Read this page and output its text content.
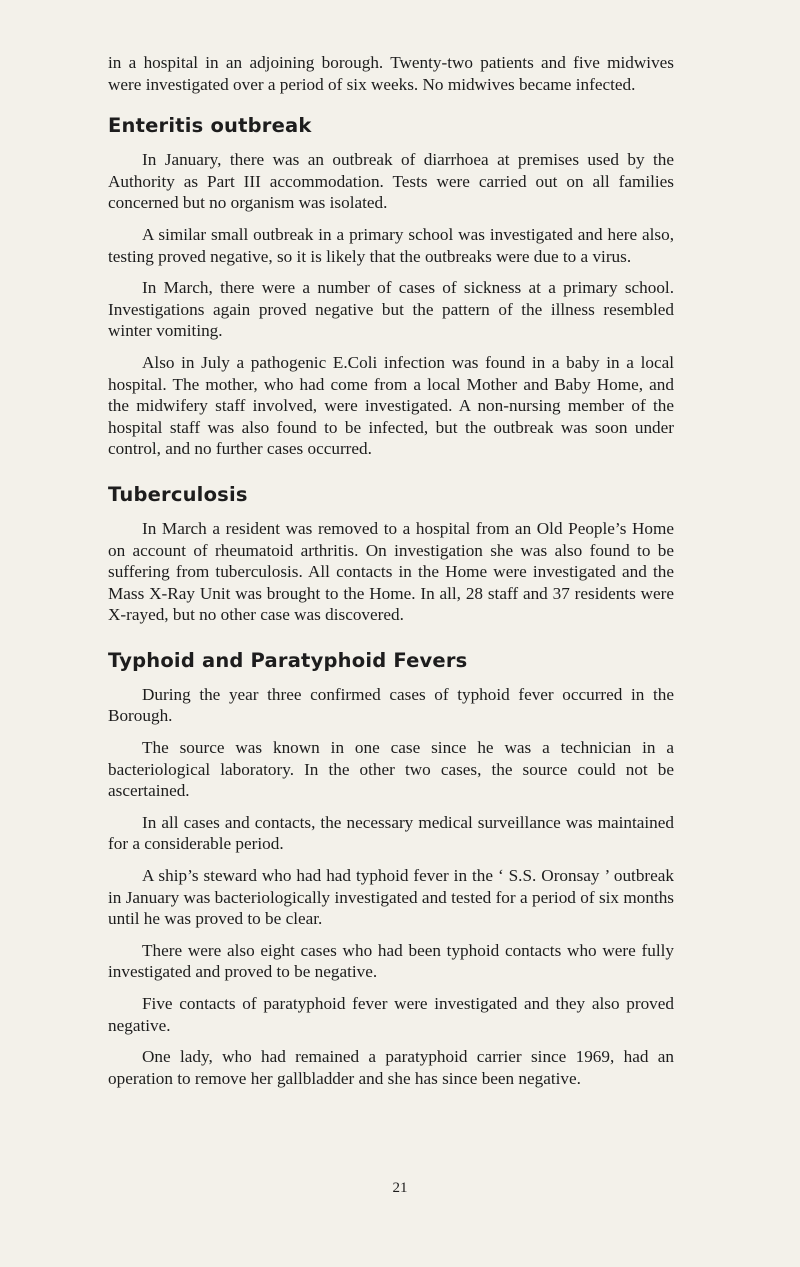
in a hospital in an adjoining borough. Twenty-two patients and five midwives were investigated over a period of six weeks. No midwives became infected.

Enteritis outbreak

In January, there was an outbreak of diarrhoea at premises used by the Authority as Part III accommodation. Tests were carried out on all families concerned but no organism was isolated.

A similar small outbreak in a primary school was investigated and here also, testing proved negative, so it is likely that the outbreaks were due to a virus.

In March, there were a number of cases of sickness at a primary school. Investigations again proved negative but the pattern of the illness resembled winter vomiting.

Also in July a pathogenic E.Coli infection was found in a baby in a local hospital. The mother, who had come from a local Mother and Baby Home, and the midwifery staff involved, were investigated. A non-nursing member of the hospital staff was also found to be infected, but the outbreak was soon under control, and no further cases occurred.

Tuberculosis

In March a resident was removed to a hospital from an Old People’s Home on account of rheumatoid arthritis. On investigation she was also found to be suffering from tuberculosis. All contacts in the Home were investigated and the Mass X-Ray Unit was brought to the Home. In all, 28 staff and 37 residents were X-rayed, but no other case was discovered.

Typhoid and Paratyphoid Fevers

During the year three confirmed cases of typhoid fever occurred in the Borough.

The source was known in one case since he was a technician in a bacteriological laboratory. In the other two cases, the source could not be ascertained.

In all cases and contacts, the necessary medical surveillance was maintained for a considerable period.

A ship’s steward who had had typhoid fever in the ‘ S.S. Oronsay ’ outbreak in January was bacteriologically investigated and tested for a period of six months until he was proved to be clear.

There were also eight cases who had been typhoid contacts who were fully investigated and proved to be negative.

Five contacts of paratyphoid fever were investigated and they also proved negative.

One lady, who had remained a paratyphoid carrier since 1969, had an operation to remove her gallbladder and she has since been negative.

21
